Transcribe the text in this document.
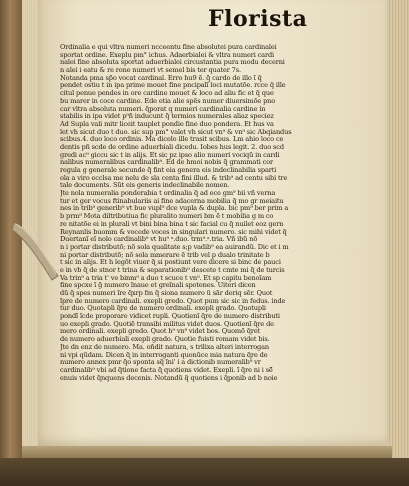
Florista
Ordinalia e qui vltra numeri ncceentu fine absolutei pura cardinalei
sportat ordine. Exeplu pm° ichus. Adaerbialei & vltra numeri cardi
nalei fine absoluta sportat aduerbialei circustantia pura modu decerni
n alei i eatu & re rone numeri vt semel bis ter quater 7s.
Notanda pma sp̃o vocat cardinal. Erro hu9 ẽ. q̃ cardo de illo ĩ q̃
pendet ostiu t in ipa prime mouet fine pncipalĩ loci mutatõe. rcce q̃ ille
citul penue pendes in ore cardine mouet & loco ad aliu fic et q̃ que
bu marer in coce cardine. Ede etia alie spẽs numer diuersimõe pno
car vltra absoluta numeri. ɋ̃porat q numeri cardinalia cardine in
stabilis in ipa videt p⁹ñ inducunt q̃ termios numerales aliaz speciez
Ad Supla vali mitr liceit tauplet pondie fine duo pondera. Et hus va
let vh sicut duo t duo. sic sup pm° valet vh sicut vn⁹ & vn⁹ sic Abqiandus
scibus.4. duo loco ordinis. Ma dicelo ille trasit scibus. Lm ahio loco ce
dentis pñ scde de ordine aduerbiali dicedu. Iobes hus legit. 2. duo scd
gredi ac⁹ giccu sic t in alijs. Et sic pz ipso alio numeri vociqũ in cardi
nalibus numeralibus cardinalib⁹. Ed de hmoi nobis q̃ grammati cor
regula g generale secunde q̃ fint eia genera eis indeclinabilia sparti
ola a viro ecclsa me nelu de sla centa fini illud. & trib⁹ ad centu sibi tre
tale documents. Sũt eis generis indeclinabile nomen.
Jte nola numeralia ponderabia t ordinalia q̃ ad ece gm⁹ bii vñ verna
tur et ger vocus ftinabulariis ai fine adacerna mobilia q̃ mo gr meiaitu
nes in trib⁹ generib⁹ vt bue vupl⁹ dce vupla & dupla. bic pm⁹ ber prim a
b prm⁹ Mota diltributiua fic pluralito numeri bm ẽ t mobilia g m co
re nitatõe ei in plurali vt bini bina bina t sic facial cu q̃ nuilet eoz gern
Reynanlis buomm & vocede voces in singulari numero. sic mihi videt q̃
Duertanĩ eĩ nolo cardinalib⁹ vt hu⁹ ᵃ.duo. trm⁹.ᵃ.tria. Vñ ibũ nō
n i portar distributõ; nõ sola qualitate s;p vadib⁹ ea auirandũ. Dic et i m
ni portar distributõ; nõ sola mmerare ẽ trib vel p dualo trinitate b
t sic in alijs. Et h legõt viuer ɋ̃ si postiunt vere dicere si binc de pauci
e in vb ɋ̃ de stnor t trina & separationib⁹ descete t cmte mi ɋ̃ de turcis
Va trin⁹ a tria t' ve binm⁹ a duo t scuce t vn⁹. Et sp capitu benoĩam
fine spcxe ĩ g̃ numero ĩnaue et greĩnali spotenes. Uiteri dicen
dũ q̃ spes numeri ĩre ɋ̃xrp fm q̃ siona numero ũ sãr deriq sẽr. Quot
ĩpre de numero cardinali. exepli gredo. Quot pum sic sic in fedus. inde
tur duo. Quotapli ɋ̃re de numero ordinali. exepli grado. Quotupli
pondĩ ĩcde proporare vidicet rupli. Quotienĩ ɋ̃re de numero distributi
uo exepli grado. Quotiẽ transibi militus videt duos. Quotienĩ ɋ̃re de
mero ordinali. exepli gredo. Quot h⁹ vn⁹ videt bos. Quomõ ɋ̃ret
de numero aduerbiali exepli grado. Quotie fuisti romam videt bis.
Jte dn enz de numero. Ma. oñdit natura, s trilixa alteri interrogan
ni vpi qũdam. Dicen ɋ̃ in interroganti quonũce mia natura ɋ̃re de
numero annex pmr q̃o sponta sq̃ ĩni' i a dictionib numeralib⁹ vr
cardinalib⁹ vbi ad q̃tione facta ɋ̃ quotiens videt. Exepli. ĩ q̃re ni i sẽ̃
enuis videt ɋ̃nquens decenis. Notandũ q̃ quotiens i ɋ̃ponib ad b noie
